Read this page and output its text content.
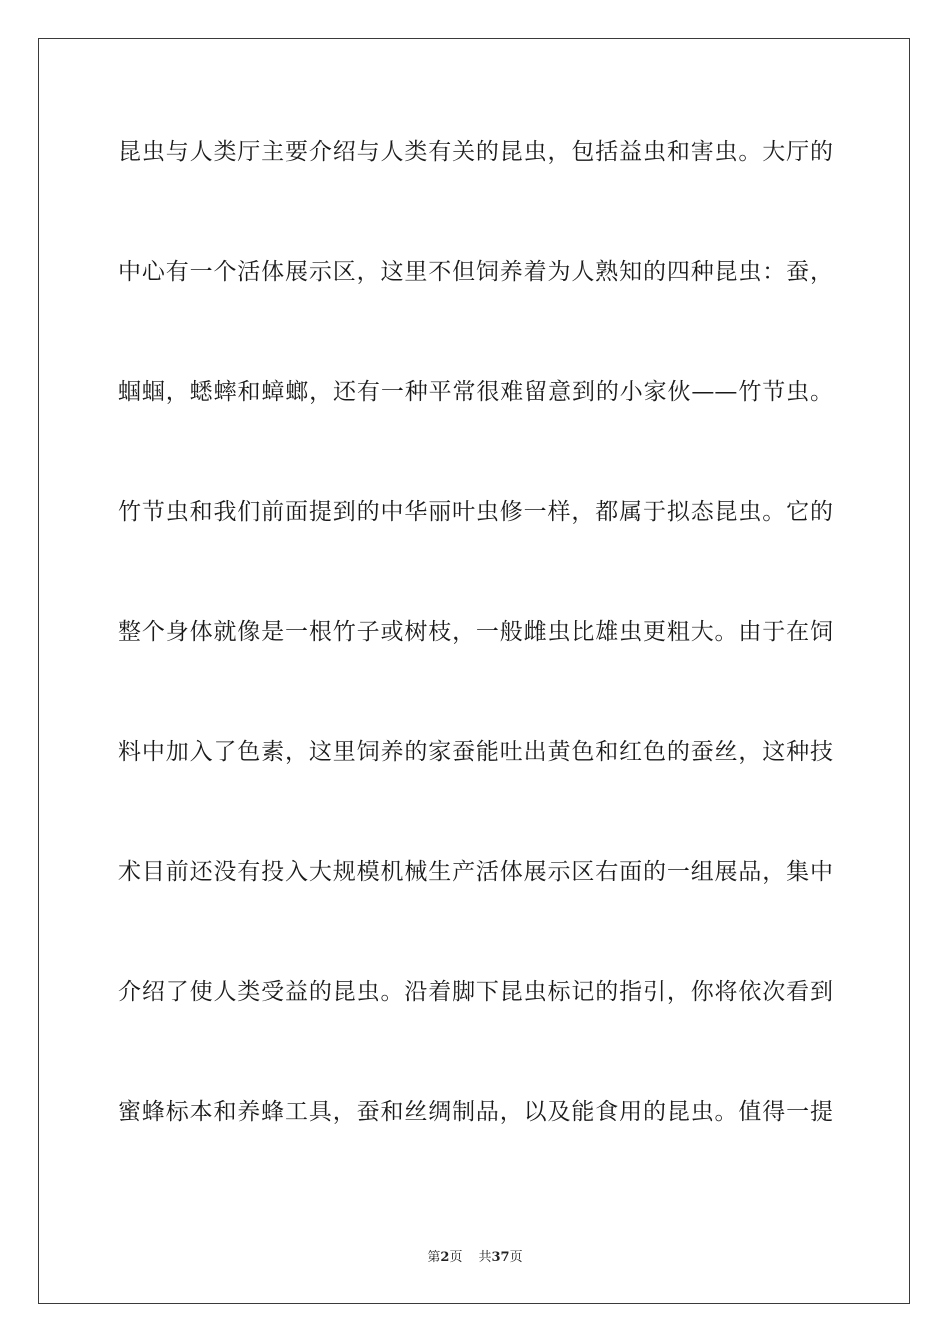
昆虫与人类厅主要介绍与人类有关的昆虫，包括益虫和害虫。大厅的
中心有一个活体展示区，这里不但饲养着为人熟知的四种昆虫：蚕，
蝈蝈，蟋蟀和蟑螂，还有一种平常很难留意到的小家伙——竹节虫。
竹节虫和我们前面提到的中华丽叶虫修一样，都属于拟态昆虫。它的
整个身体就像是一根竹子或树枝，一般雌虫比雄虫更粗大。由于在饲
料中加入了色素，这里饲养的家蚕能吐出黄色和红色的蚕丝，这种技
术目前还没有投入大规模机械生产活体展示区右面的一组展品，集中
介绍了使人类受益的昆虫。沿着脚下昆虫标记的指引，你将依次看到
蜜蜂标本和养蜂工具，蚕和丝绸制品，以及能食用的昆虫。值得一提
第2页 共37页
